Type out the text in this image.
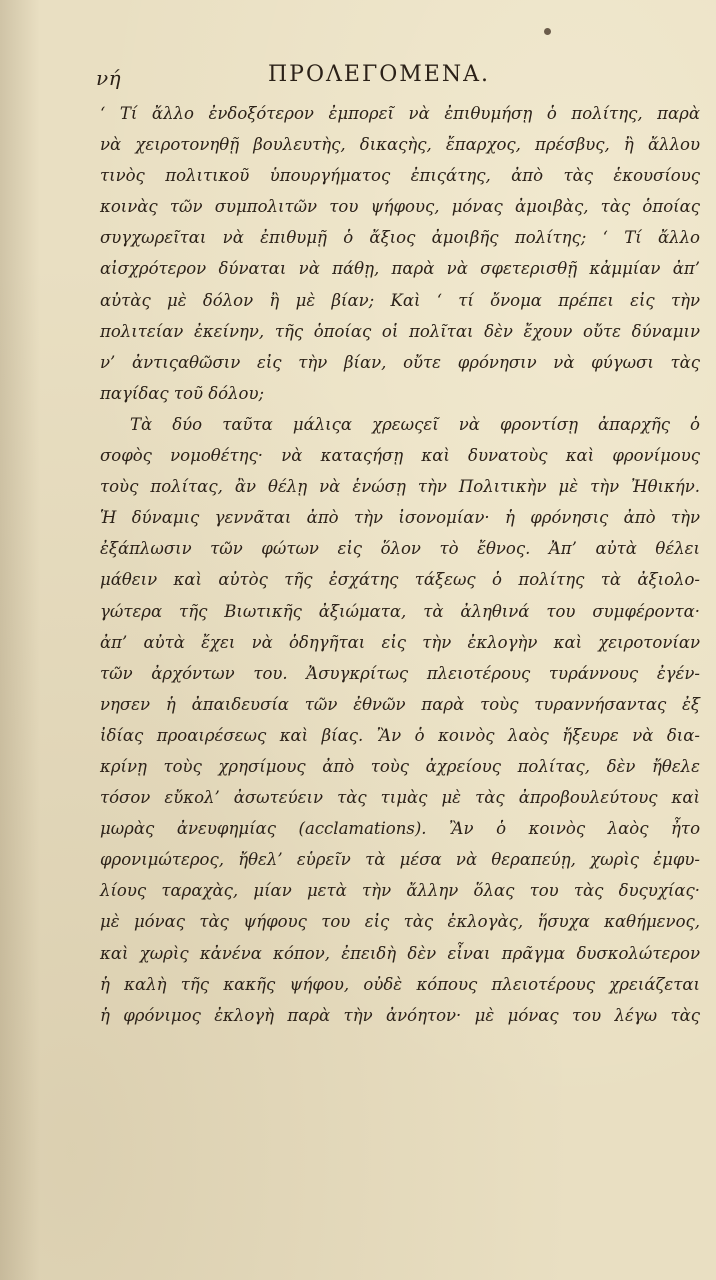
νή	ΠΡΟΛΕΓΟΜΕΝΑ.
‘ Τί ἄλλο ἐνδοξότερον ἐμπορεῖ νὰ ἐπιθυμήσῃ ὁ πολίτης, παρὰ
νὰ χειροτονηθῇ βουλευτὴς, δικαςὴς, ἔπαρχος, πρέσβυς, ἢ ἄλλου
τινὸς πολιτικοῦ ὑπουργήματος ἐπιςάτης, ἀπὸ τὰς ἑκουσίους
κοινὰς τῶν συμπολιτῶν του ψήφους, μόνας ἀμοιβὰς, τὰς ὁποίας
συγχωρεῖται νὰ ἐπιθυμῇ ὁ ἄξιος ἀμοιβῆς πολίτης; ‘ Τί ἄλλο
αἰσχρότερον δύναται νὰ πάθῃ, παρὰ νὰ σφετερισθῇ κἀμμίαν ἀπ’
αὐτὰς μὲ δόλον ἢ μὲ βίαν; Καὶ ‘ τί ὄνομα πρέπει εἰς τὴν
πολιτείαν ἐκείνην, τῆς ὁποίας οἱ πολῖται δὲν ἔχουν οὔτε δύναμιν
ν’ ἀντιςαθῶσιν εἰς τὴν βίαν, οὔτε φρόνησιν νὰ φύγωσι τὰς
παγίδας τοῦ δόλου;
Τὰ δύο ταῦτα μάλιςα χρεωςεῖ νὰ φροντίσῃ ἀπαρχῆς ὁ
σοφὸς νομοθέτης· νὰ καταςήσῃ καὶ δυνατοὺς καὶ φρονίμους
τοὺς πολίτας, ἂν θέλῃ νὰ ἑνώσῃ τὴν Πολιτικὴν μὲ τὴν Ἠθικήν.
Ἡ δύναμις γεννᾶται ἀπὸ τὴν ἰσονομίαν· ἡ φρόνησις ἀπὸ τὴν
ἐξάπλωσιν τῶν φώτων εἰς ὅλον τὸ ἔθνος. Ἀπ’ αὐτὰ θέλει
μάθειν καὶ αὐτὸς τῆς ἐσχάτης τάξεως ὁ πολίτης τὰ ἀξιολο-
γώτερα τῆς Βιωτικῆς ἀξιώματα, τὰ ἀληθινά του συμφέροντα·
ἀπ’ αὐτὰ ἔχει νὰ ὁδηγῆται εἰς τὴν ἐκλογὴν καὶ χειροτονίαν
τῶν ἀρχόντων του. Ἀσυγκρίτως πλειοτέρους τυράννους ἐγέν-
νησεν ἡ ἀπαιδευσία τῶν ἐθνῶν παρὰ τοὺς τυραννήσαντας ἐξ
ἰδίας προαιρέσεως καὶ βίας. Ἂν ὁ κοινὸς λαὸς ἤξευρε νὰ δια-
κρίνῃ τοὺς χρησίμους ἀπὸ τοὺς ἀχρείους πολίτας, δὲν ἤθελε
τόσον εὔκολ’ ἀσωτεύειν τὰς τιμὰς μὲ τὰς ἀπροβουλεύτους καὶ
μωρὰς ἀνευφημίας (acclamations). Ἂν ὁ κοινὸς λαὸς ἦτο
φρονιμώτερος, ἤθελ’ εὑρεῖν τὰ μέσα νὰ θεραπεύῃ, χωρὶς ἐμφυ-
λίους ταραχὰς, μίαν μετὰ τὴν ἄλλην ὅλας του τὰς δυςυχίας·
μὲ μόνας τὰς ψήφους του εἰς τὰς ἐκλογὰς, ἥσυχα καθήμενος,
καὶ χωρὶς κἀνένα κόπον, ἐπειδὴ δὲν εἶναι πρᾶγμα δυσκολώτερον
ἡ καλὴ τῆς κακῆς ψήφου, οὐδὲ κόπους πλειοτέρους χρειάζεται
ἡ φρόνιμος ἐκλογὴ παρὰ τὴν ἀνόητον· μὲ μόνας του λέγω τὰς
